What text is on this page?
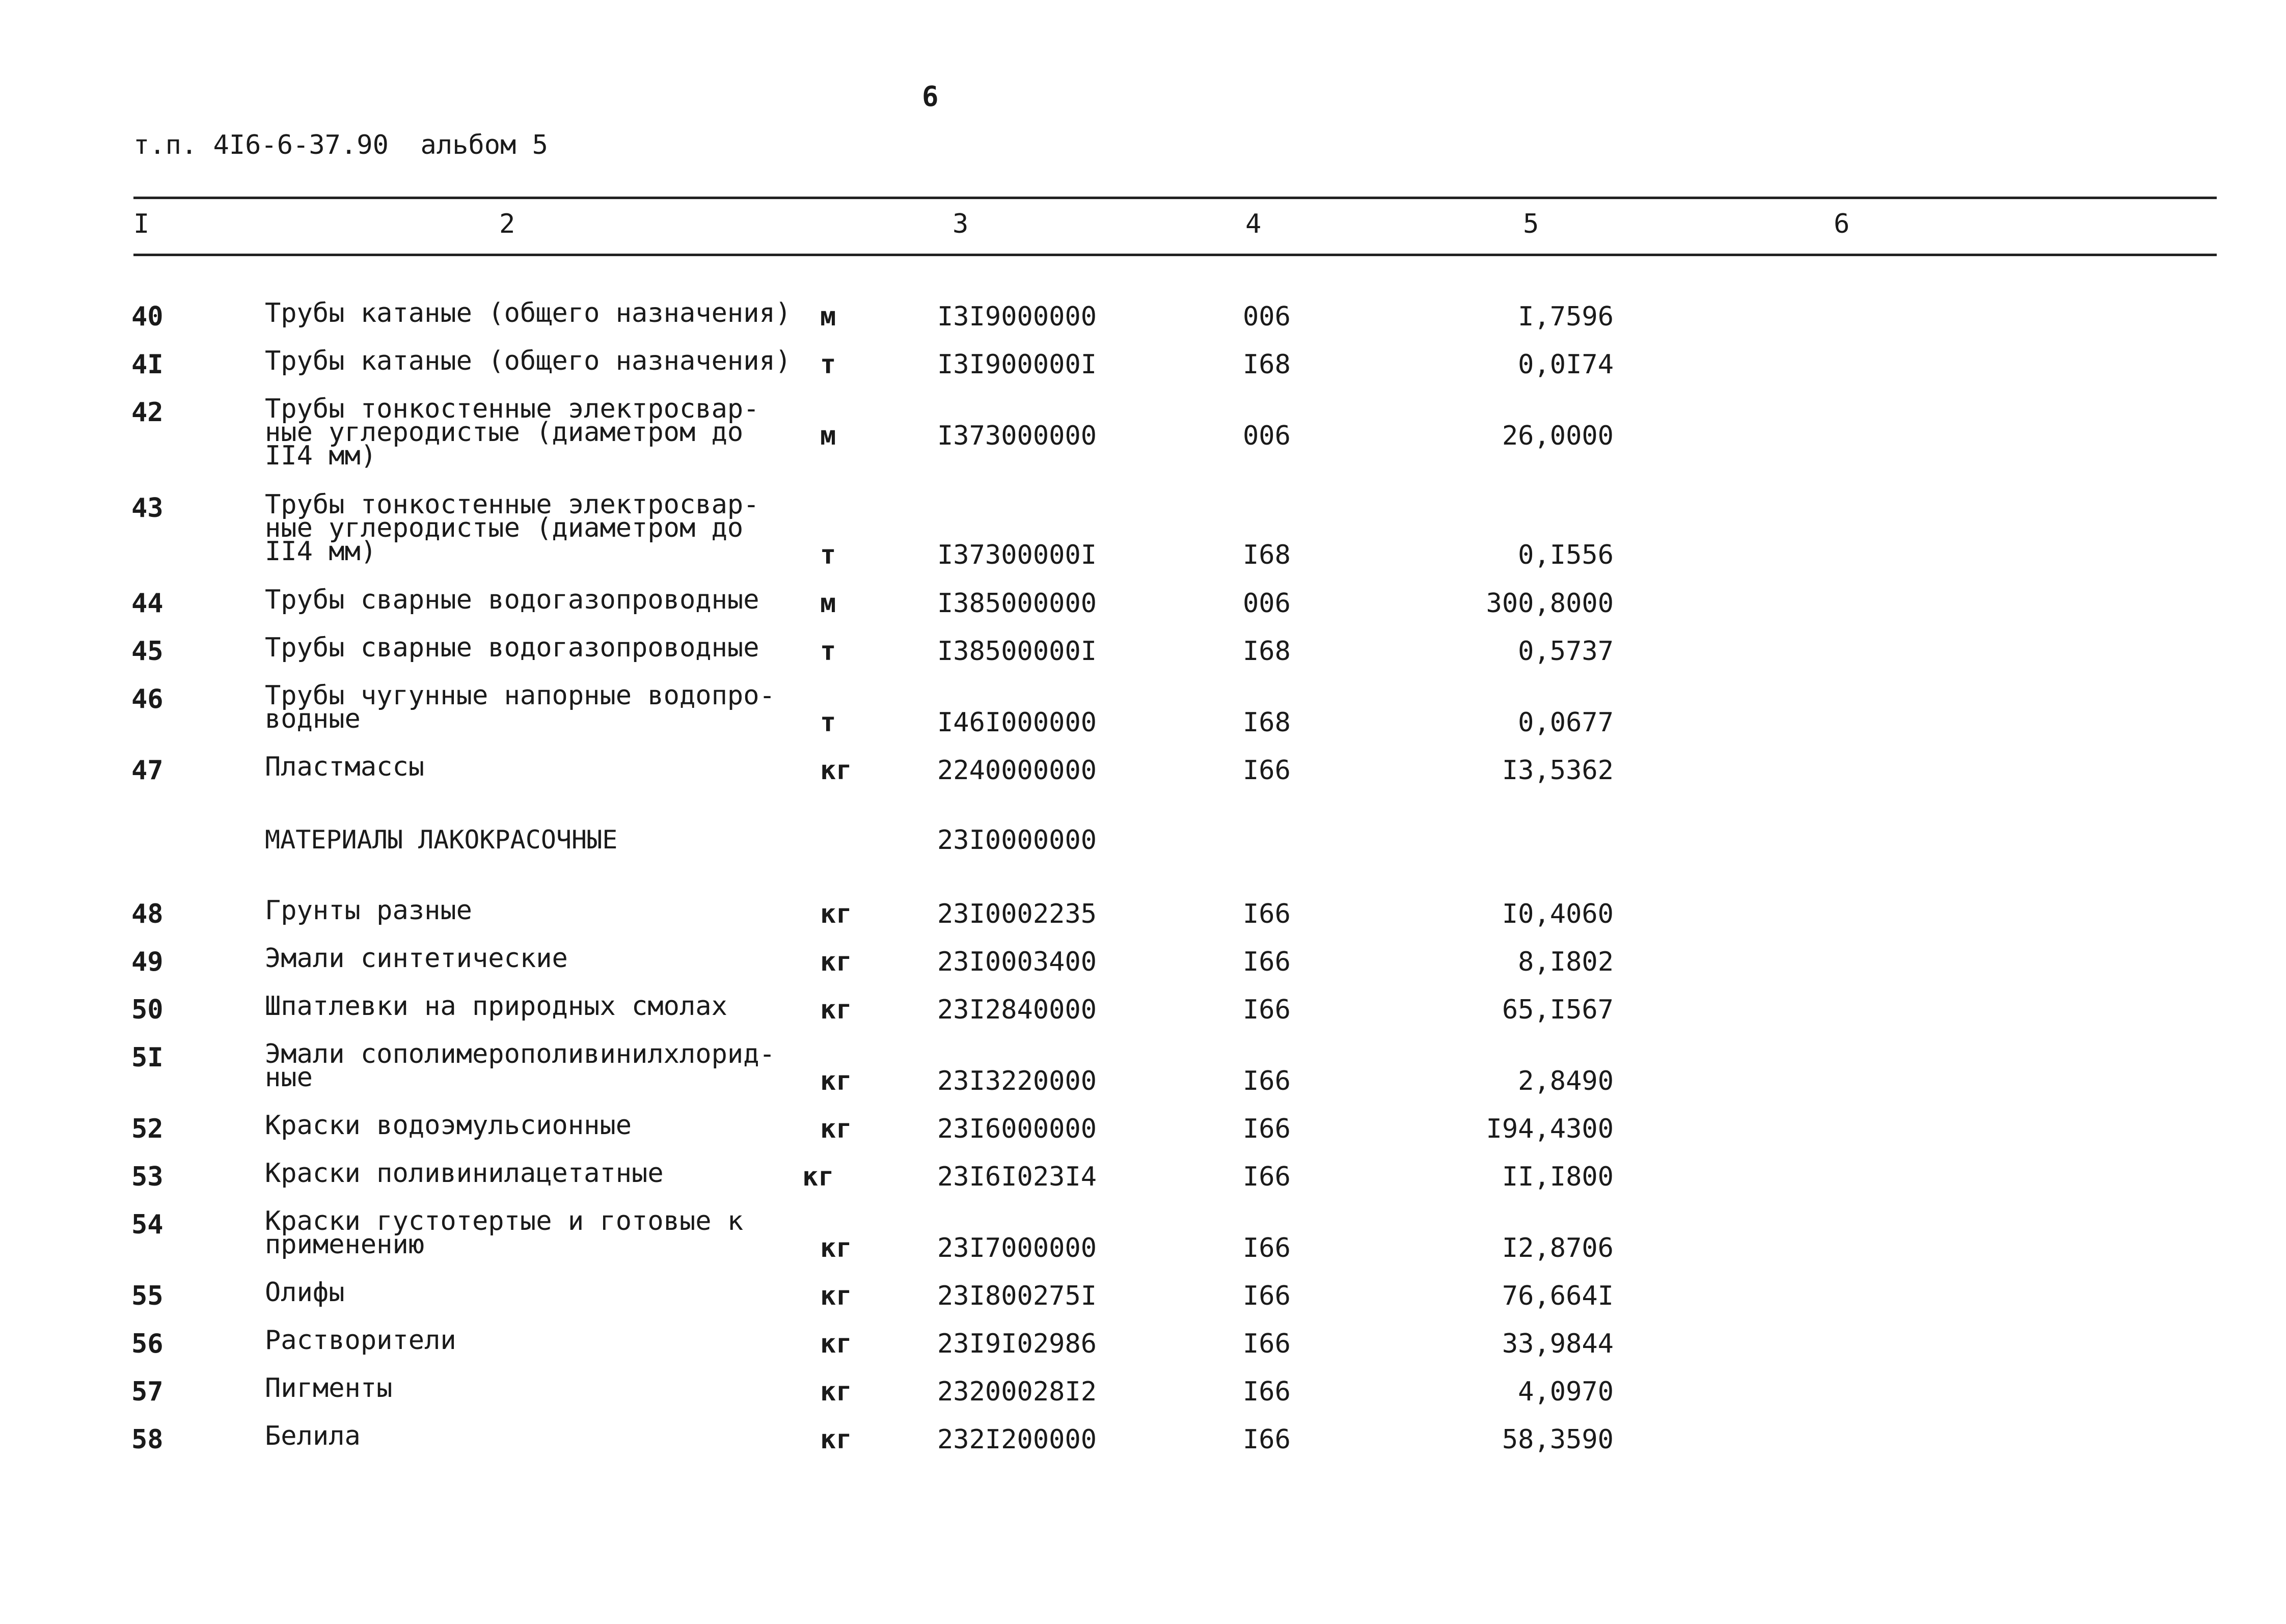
6
т.п. 4I6-6-37.90  альбом 5
I	2	3	4	5	6
40	Трубы катаные (общего назначения) м	I3I9000000	006	I,7596
4I	Трубы катаные (общего назначения) т	I3I900000I	I68	0,0I74
42	Трубы тонкостенные электросвар-
ные углеродистые (диаметром до
II4 мм)
м	I373000000	006	26,0000
43	Трубы тонкостенные электросвар-
ные углеродистые (диаметром до
II4 мм)	т	I37300000I	I68	0,I556
44	Трубы сварные водогазопроводные м	I385000000	006	300,8000
45	Трубы сварные водогазопроводные т	I38500000I	I68	0,5737
46	Трубы чугунные напорные водопро-
водные	т	I46I000000	I68	0,0677
47	Пластмассы	кг	2240000000	I66	I3,5362
МАТЕРИАЛЫ ЛАКОКРАСОЧНЫЕ	23I0000000
48	Грунты разные	кг	23I0002235	I66	I0,4060
49	Эмали синтетические	кг	23I0003400	I66	8,I802
50	Шпатлевки на природных смолах	кг	23I2840000	I66	65,I567
5I	Эмали сополимерополивинилхлорид-
ные	кг	23I3220000	I66	2,8490
52	Краски водоэмульсионные	кг	23I6000000	I66	I94,4300
53	Краски поливинилацетатные	кг	23I6I023I4	I66	II,I800
54	Краски густотертые и готовые к
применению	кг	23I7000000	I66	I2,8706
55	Олифы	кг	23I800275I	I66	76,664I
56	Растворители	кг	23I9I02986	I66	33,9844
57	Пигменты	кг	23200028I2	I66	4,0970
58	Белила	кг	232I200000	I66	58,3590
